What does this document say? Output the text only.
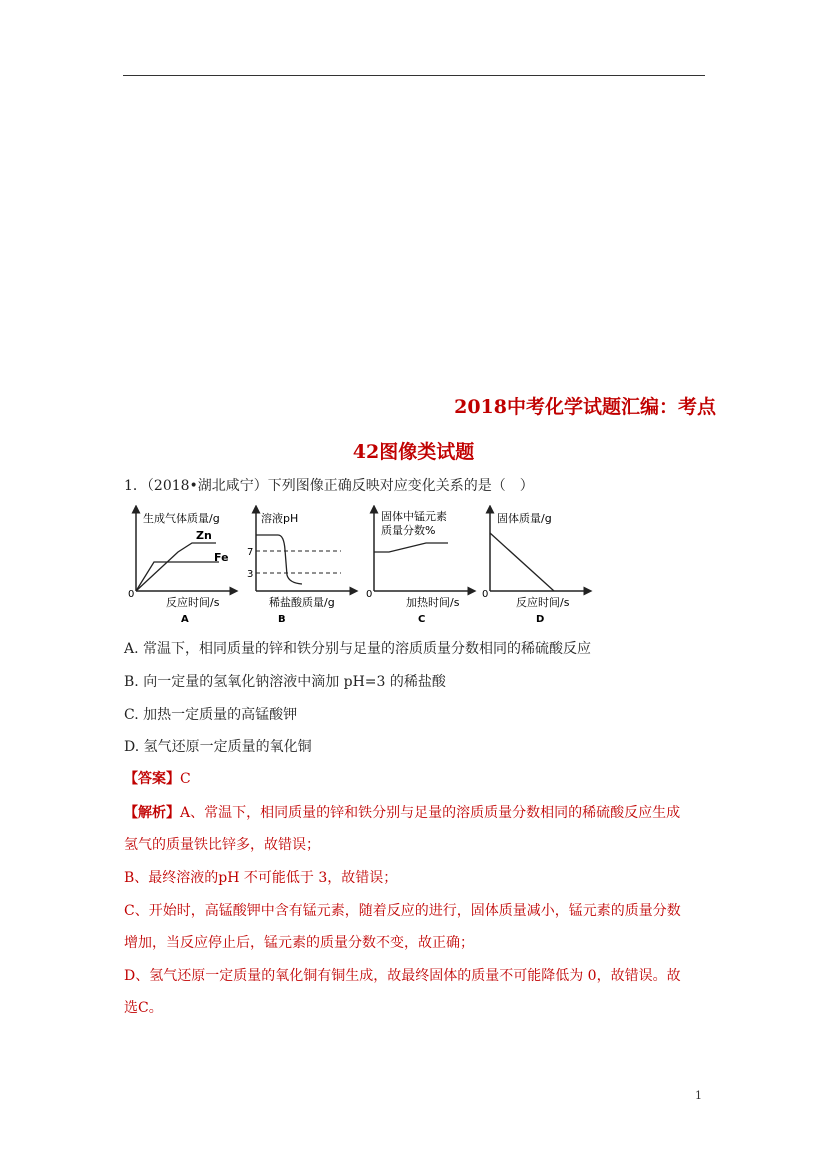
2018中考化学试题汇编：考点
42图像类试题
1．（2018•湖北咸宁）下列图像正确反映对应变化关系的是（　）
生成气体质量/g
0
Zn
Fe
反应时间/s
A
溶液pH
7
3
稀盐酸质量/g
B
固体中锰元素
质量分数%
0
加热时间/s
C
固体质量/g
0
反应时间/s
D
A. 常温下，相同质量的锌和铁分别与足量的溶质质量分数相同的稀硫酸反应
B. 向一定量的氢氧化钠溶液中滴加 pH=3 的稀盐酸
C. 加热一定质量的高锰酸钾
D. 氢气还原一定质量的氧化铜
【答案】C
【解析】A、常温下，相同质量的锌和铁分别与足量的溶质质量分数相同的稀硫酸反应生成
氢气的质量铁比锌多，故错误；
B、最终溶液的pH 不可能低于 3，故错误；
C、开始时，高锰酸钾中含有锰元素，随着反应的进行，固体质量减小，锰元素的质量分数
增加，当反应停止后，锰元素的质量分数不变，故正确；
D、氢气还原一定质量的氧化铜有铜生成，故最终固体的质量不可能降低为 0，故错误。故
选C。
1
